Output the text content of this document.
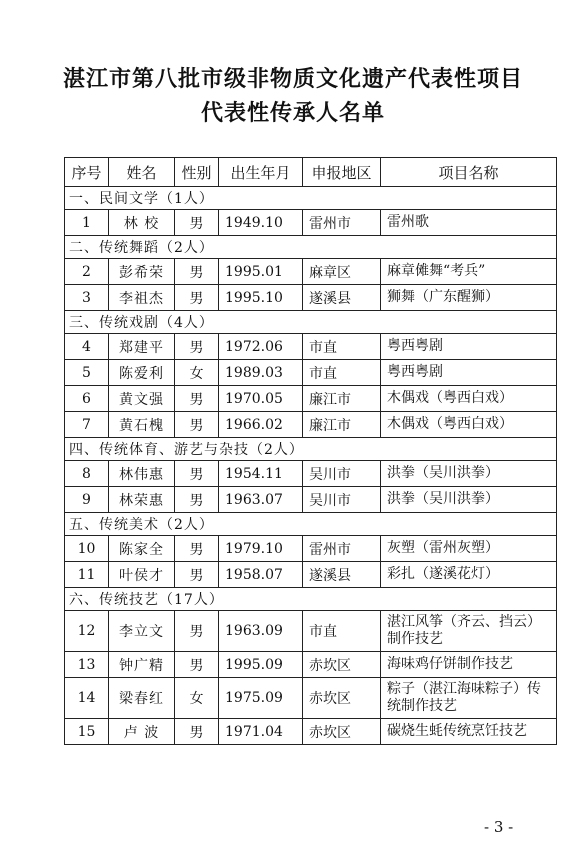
湛江市第八批市级非物质文化遗产代表性项目
代表性传承人名单
序号	姓名	性别	出生年月	申报地区	项目名称
一、民间文学（1人）					
1	林 校	男	1949.10	雷州市	雷州歌
二、传统舞蹈（2人）					
2	彭希荣	男	1995.01	麻章区	麻章傩舞“考兵”
3	李祖杰	男	1995.10	遂溪县	狮舞（广东醒狮）
三、传统戏剧（4人）					
4	郑建平	男	1972.06	市直	粤西粤剧
5	陈爱利	女	1989.03	市直	粤西粤剧
6	黄文强	男	1970.05	廉江市	木偶戏（粤西白戏）
7	黄石槐	男	1966.02	廉江市	木偶戏（粤西白戏）
四、传统体育、游艺与杂技（2人）					
8	林伟惠	男	1954.11	吴川市	洪拳（吴川洪拳）
9	林荣惠	男	1963.07	吴川市	洪拳（吴川洪拳）
五、传统美术（2人）					
10	陈家全	男	1979.10	雷州市	灰塑（雷州灰塑）
11	叶侯才	男	1958.07	遂溪县	彩扎（遂溪花灯）
六、传统技艺（17人）					
12	李立文	男	1963.09	市直	湛江风筝（齐云、挡云）制作技艺
13	钟广精	男	1995.09	赤坎区	海味鸡仔饼制作技艺
14	梁春红	女	1975.09	赤坎区	粽子（湛江海味粽子）传统制作技艺
15	卢 波	男	1971.04	赤坎区	碳烧生蚝传统烹饪技艺
- 3 -
